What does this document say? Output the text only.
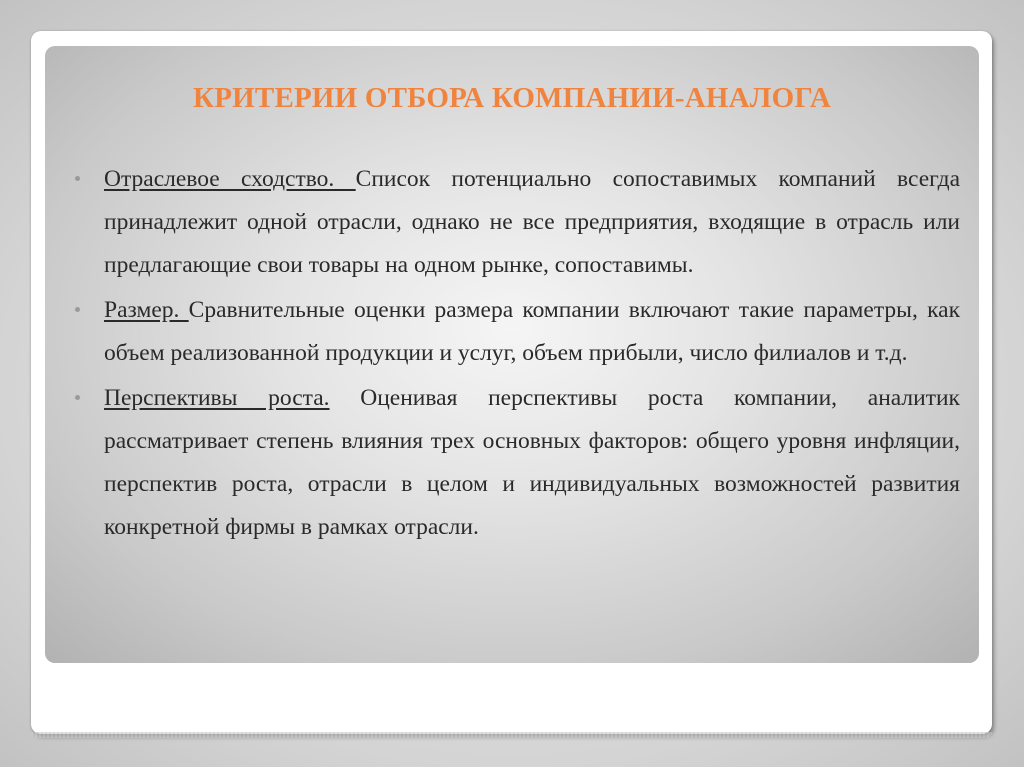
КРИТЕРИИ ОТБОРА КОМПАНИИ-АНАЛОГА
Отраслевое сходство. Список потенциально сопоставимых компаний всегда принадлежит одной отрасли, однако не все предприятия, входящие в отрасль или предлагающие свои товары на одном рынке, сопоставимы.
Размер. Сравнительные оценки размера компании включают такие параметры, как объем реализованной продукции и услуг, объем прибыли, число филиалов и т.д.
Перспективы роста. Оценивая перспективы роста компании, аналитик рассматривает степень влияния трех основных факторов: общего уровня инфляции, перспектив роста, отрасли в целом и индивидуальных возможностей развития конкретной фирмы в рамках отрасли.
